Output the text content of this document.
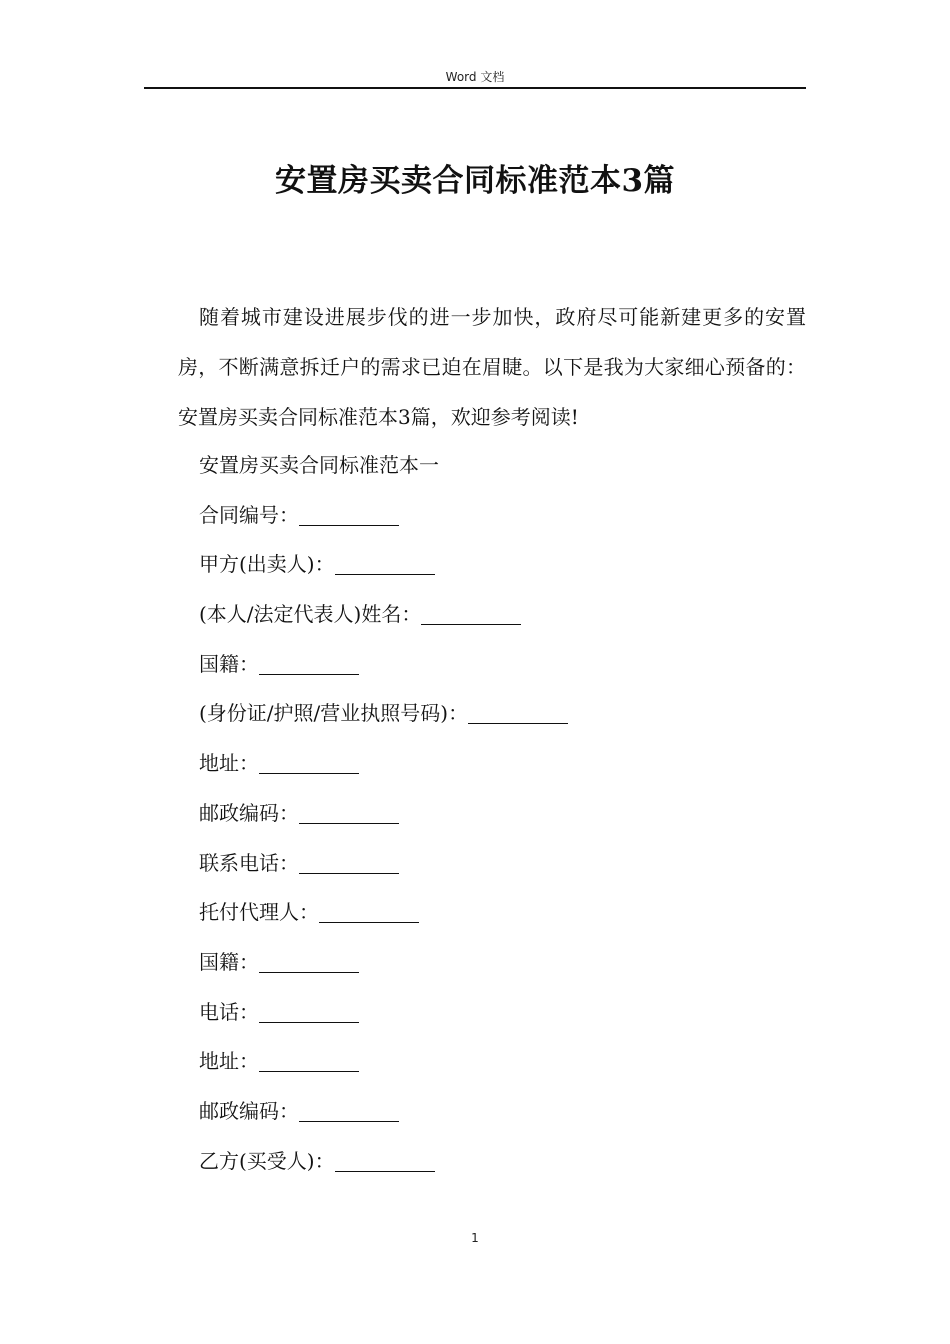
Word 文档
安置房买卖合同标准范本3篇

随着城市建设进展步伐的进一步加快，政府尽可能新建更多的安置房，不断满意拆迁户的需求已迫在眉睫。以下是我为大家细心预备的：安置房买卖合同标准范本3篇，欢迎参考阅读!

安置房买卖合同标准范本一
合同编号：
甲方(出卖人)：
(本人/法定代表人)姓名：
国籍：
(身份证/护照/营业执照号码)：
地址：
邮政编码：
联系电话：
托付代理人：
国籍：
电话：
地址：
邮政编码：
乙方(买受人)：
1
